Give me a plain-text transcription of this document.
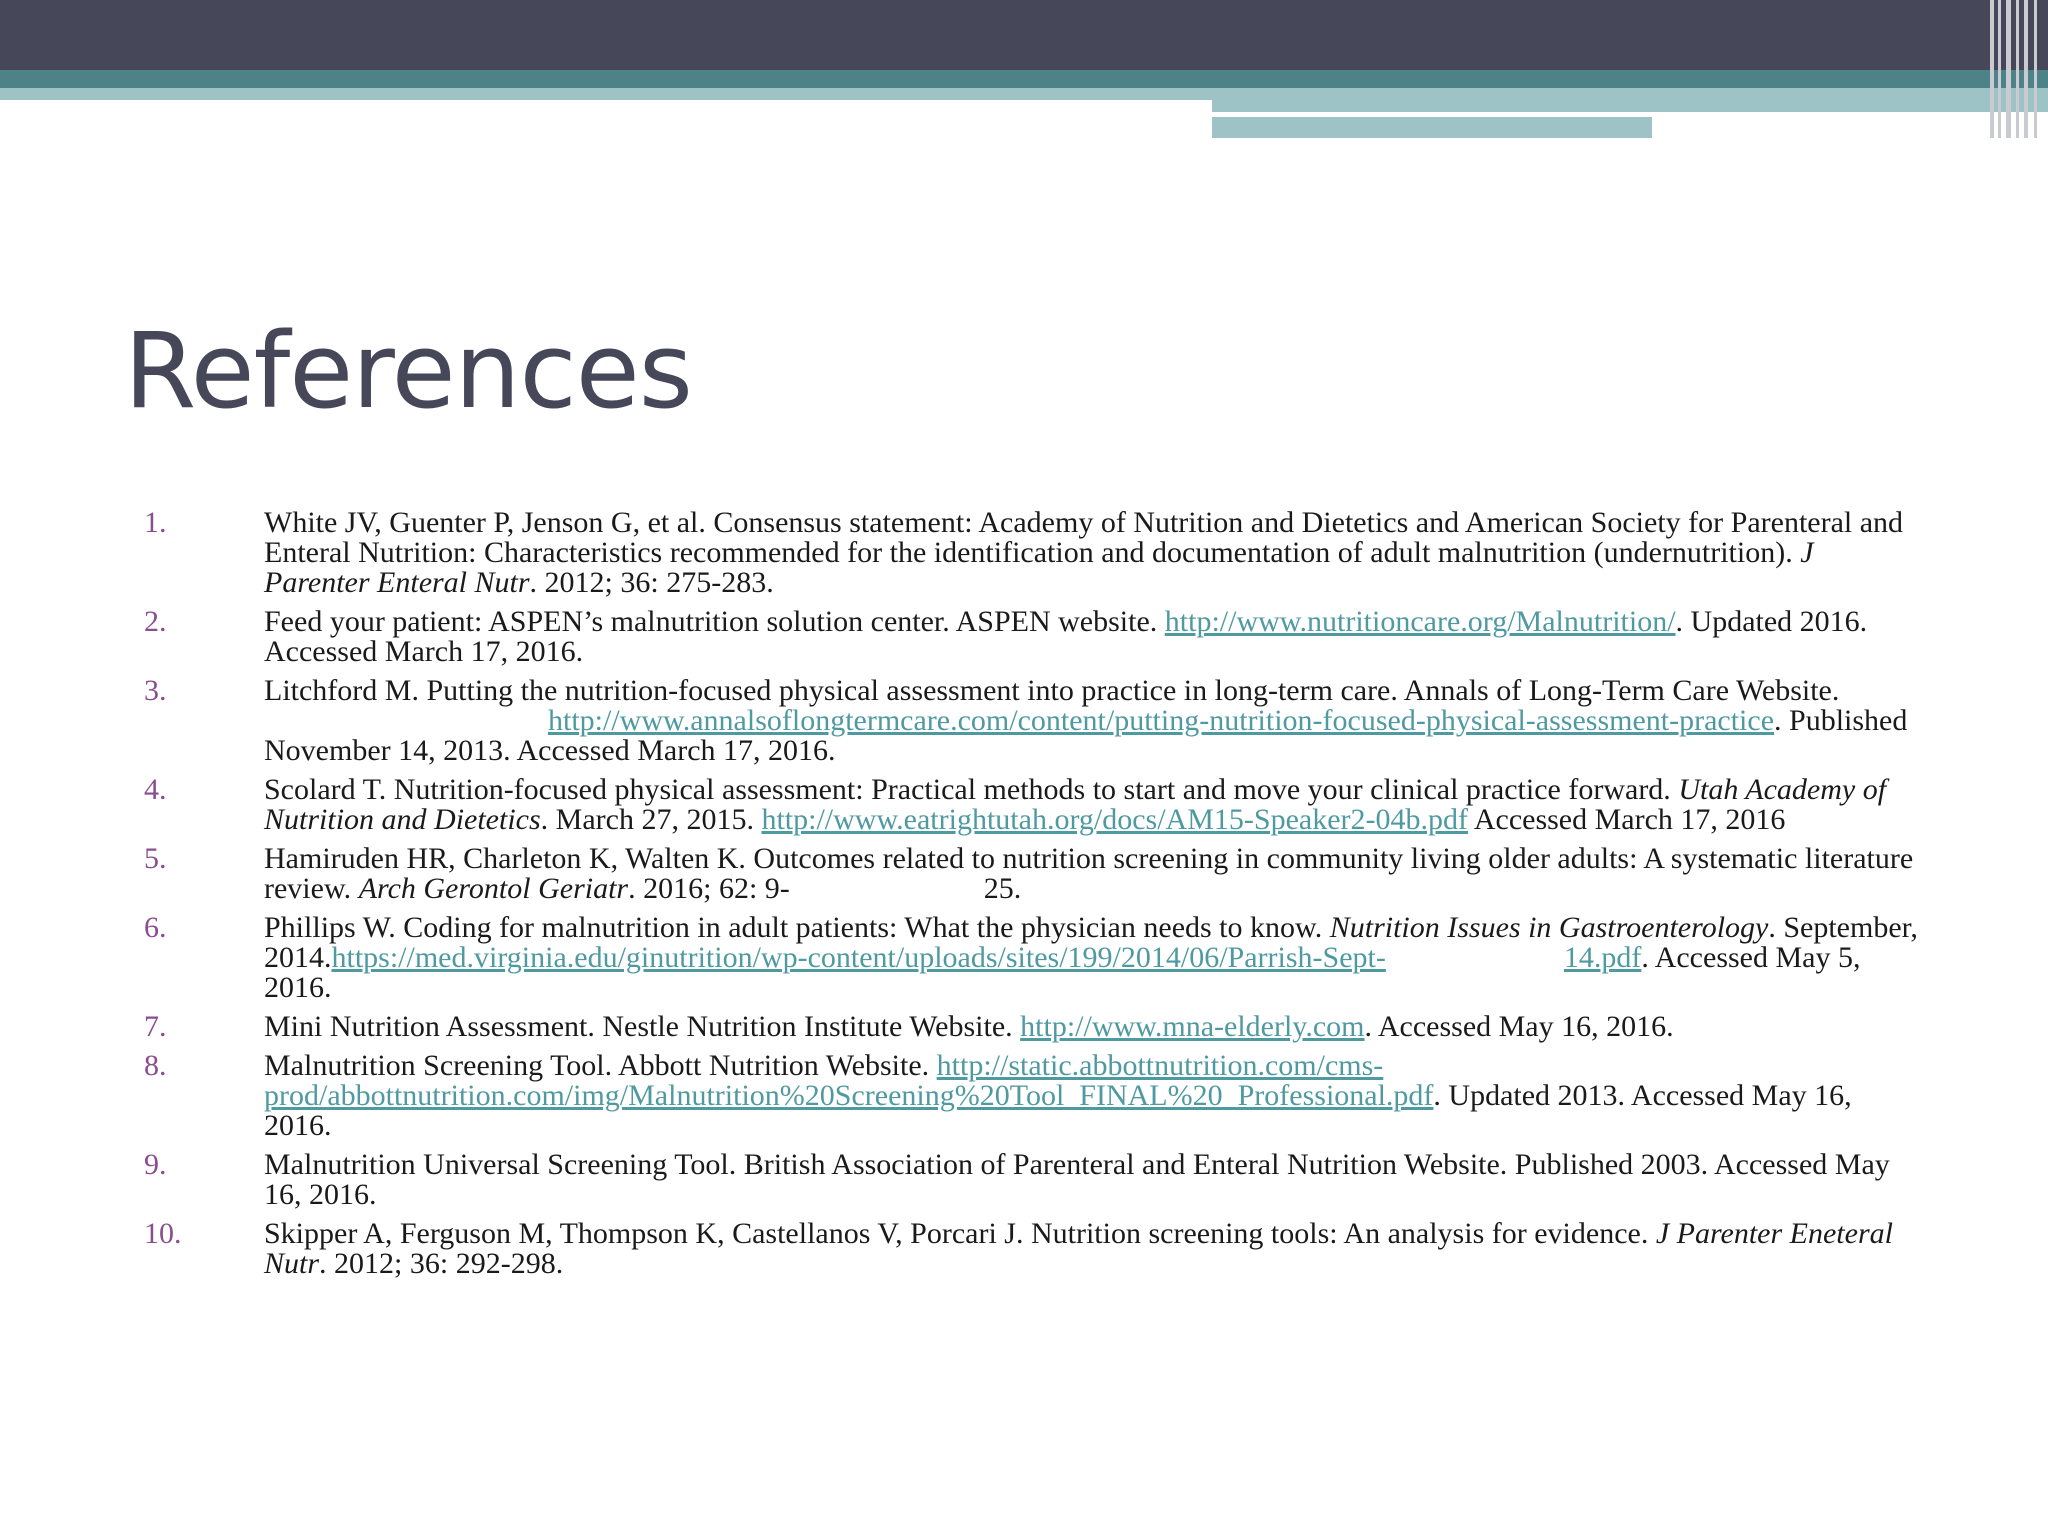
References
1.	White JV, Guenter P, Jenson G, et al. Consensus statement: Academy of Nutrition and Dietetics and American Society for Parenteral and Enteral Nutrition: Characteristics recommended for the identification and documentation of adult malnutrition (undernutrition). J Parenter Enteral Nutr. 2012; 36: 275-283.
2.	Feed your patient: ASPEN’s malnutrition solution center. ASPEN website. http://www.nutritioncare.org/Malnutrition/. Updated 2016. Accessed March 17, 2016.
3.	Litchford M. Putting the nutrition-focused physical assessment into practice in long-term care. Annals of Long-Term Care Website.http://www.annalsoflongtermcare.com/content/putting-nutrition-focused-physical-assessment-practice. Published November 14, 2013. Accessed March 17, 2016.
4.	Scolard T. Nutrition-focused physical assessment: Practical methods to start and move your clinical practice forward. Utah Academy of Nutrition and Dietetics. March 27, 2015. http://www.eatrightutah.org/docs/AM15-Speaker2-04b.pdf Accessed March 17, 2016
5.	Hamiruden HR, Charleton K, Walten K. Outcomes related to nutrition screening in community living older adults: A systematic literature review. Arch Gerontol Geriatr. 2016; 62: 9-	25.
6.	Phillips W. Coding for malnutrition in adult patients: What the physician needs to know. Nutrition Issues in Gastroenterology. September, 2014.https://med.virginia.edu/ginutrition/wp-content/uploads/sites/199/2014/06/Parrish-Sept-	14.pdf. Accessed May 5, 2016.
7.	Mini Nutrition Assessment. Nestle Nutrition Institute Website. http://www.mna-elderly.com. Accessed May 16, 2016.
8.	Malnutrition Screening Tool. Abbott Nutrition Website. http://static.abbottnutrition.com/cms-prod/abbottnutrition.com/img/Malnutrition%20Screening%20Tool_FINAL%20_Professional.pdf. Updated 2013. Accessed May 16, 2016.
9.	Malnutrition Universal Screening Tool. British Association of Parenteral and Enteral Nutrition Website. Published 2003. Accessed May 16, 2016.
10.	Skipper A, Ferguson M, Thompson K, Castellanos V, Porcari J. Nutrition screening tools: An analysis for evidence. J Parenter Eneteral Nutr. 2012; 36: 292-298.
